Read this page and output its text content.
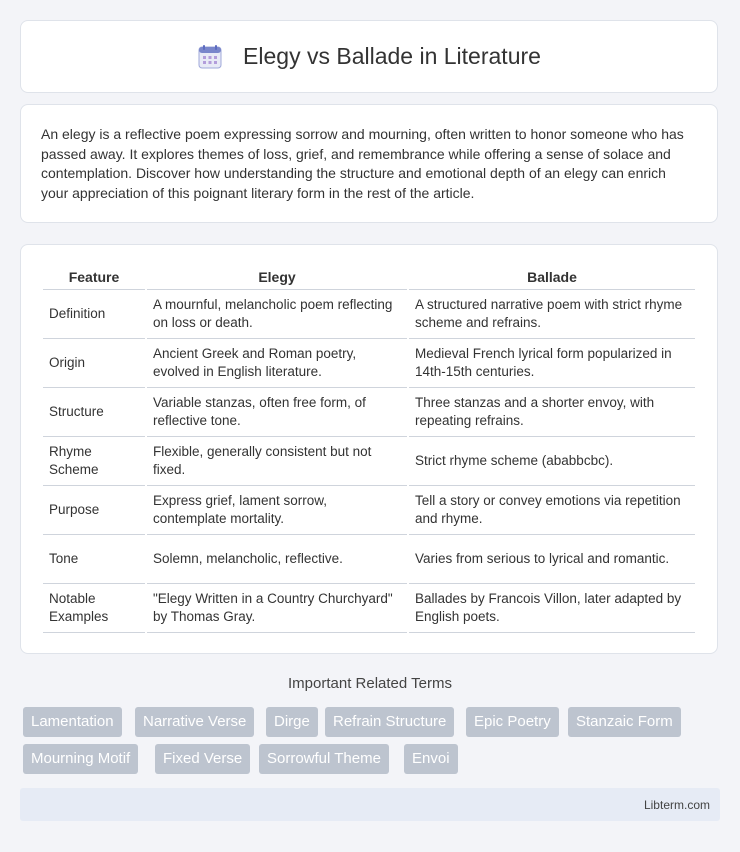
Elegy vs Ballade in Literature

An elegy is a reflective poem expressing sorrow and mourning, often written to honor someone who has passed away. It explores themes of loss, grief, and remembrance while offering a sense of solace and contemplation. Discover how understanding the structure and emotional depth of an elegy can enrich your appreciation of this poignant literary form in the rest of the article.

Feature	Elegy	Ballade
Definition	A mournful, melancholic poem reflecting on loss or death.	A structured narrative poem with strict rhyme scheme and refrains.
Origin	Ancient Greek and Roman poetry, evolved in English literature.	Medieval French lyrical form popularized in 14th-15th centuries.
Structure	Variable stanzas, often free form, of reflective tone.	Three stanzas and a shorter envoy, with repeating refrains.
Rhyme Scheme	Flexible, generally consistent but not fixed.	Strict rhyme scheme (ababbcbc).
Purpose	Express grief, lament sorrow, contemplate mortality.	Tell a story or convey emotions via repetition and rhyme.
Tone	Solemn, melancholic, reflective.	Varies from serious to lyrical and romantic.
Notable Examples	"Elegy Written in a Country Churchyard" by Thomas Gray.	Ballades by Francois Villon, later adapted by English poets.
Important Related Terms
Lamentation	Narrative Verse	Dirge	Refrain Structure	Epic Poetry	Stanzaic Form
Mourning Motif	Fixed Verse	Sorrowful Theme	Envoi
Libterm.com
